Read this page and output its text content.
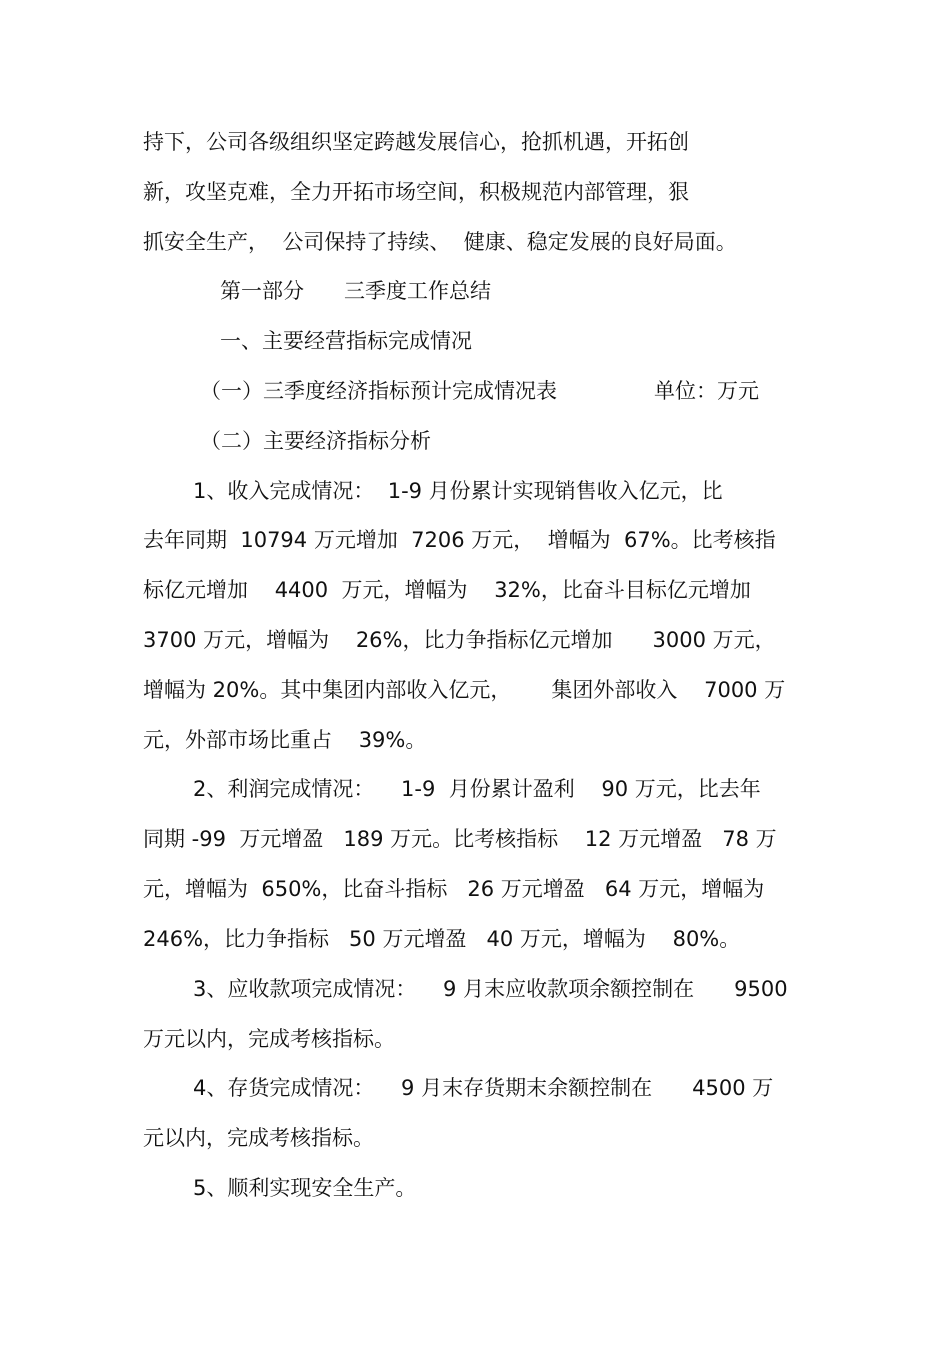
持下，公司各级组织坚定跨越发展信心，抢抓机遇，开拓创
新，攻坚克难，全力开拓市场空间，积极规范内部管理，狠
抓安全生产，  公司保持了持续、  健康、稳定发展的良好局面。
第一部分      三季度工作总结
一、主要经营指标完成情况
（一）三季度经济指标预计完成情况表	单位：万元
（二）主要经济指标分析
1、收入完成情况：  1-9 月份累计实现销售收入亿元，比
去年同期  10794 万元增加  7206 万元，  增幅为  67%。比考核指
标亿元增加    4400  万元，增幅为    32%，比奋斗目标亿元增加
3700 万元，增幅为    26%，比力争指标亿元增加      3000 万元，
增幅为 20%。其中集团内部收入亿元，      集团外部收入    7000 万
元，外部市场比重占    39%。
2、利润完成情况：    1-9  月份累计盈利    90 万元，比去年
同期 -99  万元增盈   189 万元。比考核指标    12 万元增盈   78 万
元，增幅为  650%，比奋斗指标   26 万元增盈   64 万元，增幅为
246%，比力争指标   50 万元增盈   40 万元，增幅为    80%。
3、应收款项完成情况：    9 月末应收款项余额控制在      9500
万元以内，完成考核指标。
4、存货完成情况：    9 月末存货期末余额控制在      4500 万
元以内，完成考核指标。
5、顺利实现安全生产。
